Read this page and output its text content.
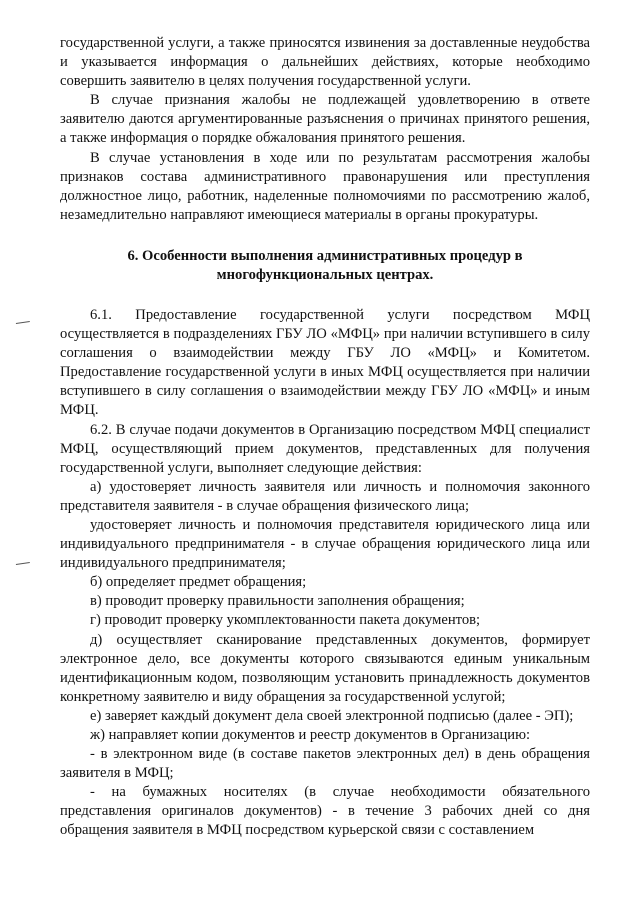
государственной услуги, а также приносятся извинения за доставленные неудобства и указывается информация о дальнейших действиях, которые необходимо совершить заявителю в целях получения государственной услуги.

В случае признания жалобы не подлежащей удовлетворению в ответе заявителю даются аргументированные разъяснения о причинах принятого решения, а также информация о порядке обжалования принятого решения.

В случае установления в ходе или по результатам рассмотрения жалобы признаков состава административного правонарушения или преступления должностное лицо, работник, наделенные полномочиями по рассмотрению жалоб, незамедлительно направляют имеющиеся материалы в органы прокуратуры.

6. Особенности выполнения административных процедур в многофункциональных центрах.

6.1. Предоставление государственной услуги посредством МФЦ осуществляется в подразделениях ГБУ ЛО «МФЦ» при наличии вступившего в силу соглашения о взаимодействии между ГБУ ЛО «МФЦ» и Комитетом. Предоставление государственной услуги в иных МФЦ осуществляется при наличии вступившего в силу соглашения о взаимодействии между ГБУ ЛО «МФЦ» и иным МФЦ.

6.2. В случае подачи документов в Организацию посредством МФЦ специалист МФЦ, осуществляющий прием документов, представленных для получения государственной услуги, выполняет следующие действия:

а) удостоверяет личность заявителя или личность и полномочия законного представителя заявителя - в случае обращения физического лица;

удостоверяет личность и полномочия представителя юридического лица или индивидуального предпринимателя - в случае обращения юридического лица или индивидуального предпринимателя;

б) определяет предмет обращения;

в) проводит проверку правильности заполнения обращения;

г) проводит проверку укомплектованности пакета документов;

д) осуществляет сканирование представленных документов, формирует электронное дело, все документы которого связываются единым уникальным идентификационным кодом, позволяющим установить принадлежность документов конкретному заявителю и виду обращения за государственной услугой;

е) заверяет каждый документ дела своей электронной подписью (далее - ЭП);

ж) направляет копии документов и реестр документов в Организацию:

- в электронном виде (в составе пакетов электронных дел) в день обращения заявителя в МФЦ;

- на бумажных носителях (в случае необходимости обязательного представления оригиналов документов) - в течение 3 рабочих дней со дня обращения заявителя в МФЦ посредством курьерской связи с составлением
